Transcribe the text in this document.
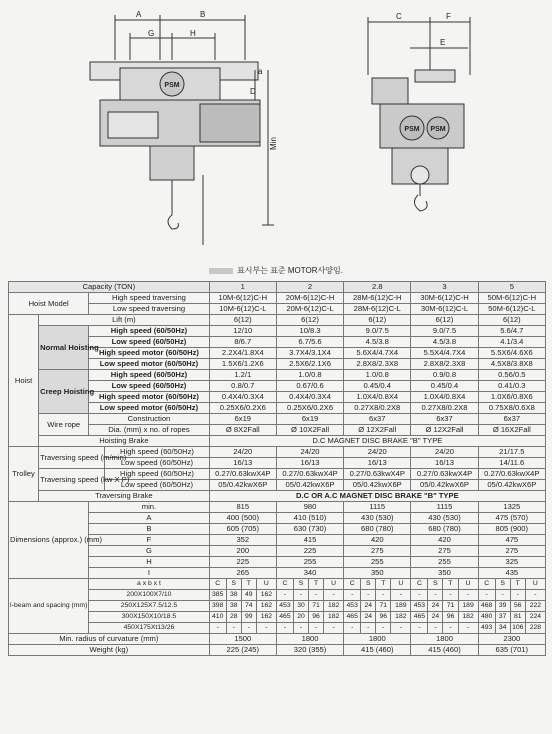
A	B
G	H
Min
a
D
C	F
E
PSM
PSM PSM
표시부는 표준 MOTOR사양임.
Capacity (TON)				1				2				2.8				3				5			
Hoist Model		High speed traversing		10M-6(12)C-H				20M-6(12)C-H				28M-6(12)C-H				30M-6(12)C-H				50M-6(12)C-H			
		Low speed traversing		10M-6(12)C-L				20M-6(12)C-L				28M-6(12)C-L				30M-6(12)C-L				50M-6(12)C-L			
Hoist	Lift (m)			6(12)				6(12)				6(12)				6(12)				6(12)			
	Normal Hoisting	High speed (60/50Hz)		12/10				10/8.3				9.0/7.5				9.0/7.5				5.6/4.7			
		Low speed (60/50Hz)		8/6.7				6.7/5.6				4.5/3.8				4.5/3.8				4.1/3.4			
		High speed motor (60/50Hz)		2.2X4/1.8X4				3.7X4/3.1X4				5.6X4/4.7X4				5.5X4/4.7X4				5.5X6/4.6X6			
		Low speed motor (60/50Hz)		1.5X6/1.2X6				2.5X6/2.1X6				2.8X8/2.3X8				2.8X8/2.3X8				4.5X8/3.8X8			
	Creep Hoisting	High speed (60/50Hz)		1.2/1				1.0/0.8				1.0/0.8				0.9/0.8				0.56/0.5			
		Low speed (60/50Hz)		0.8/0.7				0.67/0.6				0.45/0.4				0.45/0.4				0.41/0.3			
		High speed motor (60/50Hz)		0.4X4/0.3X4				0.4X4/0.3X4				1.0X4/0.8X4				1.0X4/0.8X4				1.0X6/0.8X6			
		Low speed motor (60/50Hz)		0.25X6/0.2X6				0.25X6/0.2X6				0.27X8/0.2X8				0.27X8/0.2X8				0.75X8/0.6X8			
	Wire rope	Construction		6x19				6x19				6x37				6x37				6x37			
		Dia. (mm) x no. of ropes		Ø 8X2Fall				Ø 10X2Fall				Ø 12X2Fall				Ø 12X2Fall				Ø 16X2Fall			
	Hoisting Brake			D.C MAGNET DISC BRAKE "B" TYPE																			
Trolley	Traversing speed (m/min)		High speed (60/50Hz)	24/20				24/20				24/20				24/20				21/17.5			
			Low speed (60/50Hz)	16/13				16/13				16/13				16/13				14/11.6			
	Traversing speed (kw X P)		High speed (60/50Hz)	0.27/0.63kwX4P				0.27/0.63kwX4P				0.27/0.63kwX4P				0.27/0.63kwX4P				0.27/0.63kwX4P			
			Low speed (60/50Hz)	05/0.42kwX6P				05/0.42kwX6P				05/0.42kwX6P				05/0.42kwX6P				05/0.42kwX6P			
	Traversing Brake			D.C OR A.C MAGNET DISC BRAKE "B" TYPE																			
Dimensions (approx.) (mm)		min.		815				980				1115				1115				1325			
		A		400 (500)				410 (510)				430 (530)				430 (530)				475 (570)			
		B		605 (705)				630 (730)				680 (780)				680 (780)				805 (900)			
		F		352				415				420				420				475			
		G		200				225				275				275				275			
		H		225				255				255				255				325			
		I		265				340				350				350				435			
I-beam and spacing (mm)		a x b x t		C	S	T	U	C	S	T	U	C	S	T	U	C	S	T	U	C	S	T	U
		200X100X7/10		385	38	49	162	-	-	-	-	-	-	-	-	-	-	-	-	-	-	-	-
		250X125X7.5/12.5		398	38	74	162	453	30	71	182	453	24	71	189	453	24	71	189	468	39	56	222
		300X150X10/18.5		410	28	99	162	465	20	96	182	465	24	96	182	465	24	96	182	480	37	81	224
		450X175Xt13/26		-	-	-	-	-	-	-	-	-	-	-	-	-	-	-	-	493	34	106	228
Min. radius of curvature (mm)				1500				1800				1800				1800				2300			
Weight (kg)				225 (245)				320 (355)				415 (460)				415 (460)				635 (701)			
